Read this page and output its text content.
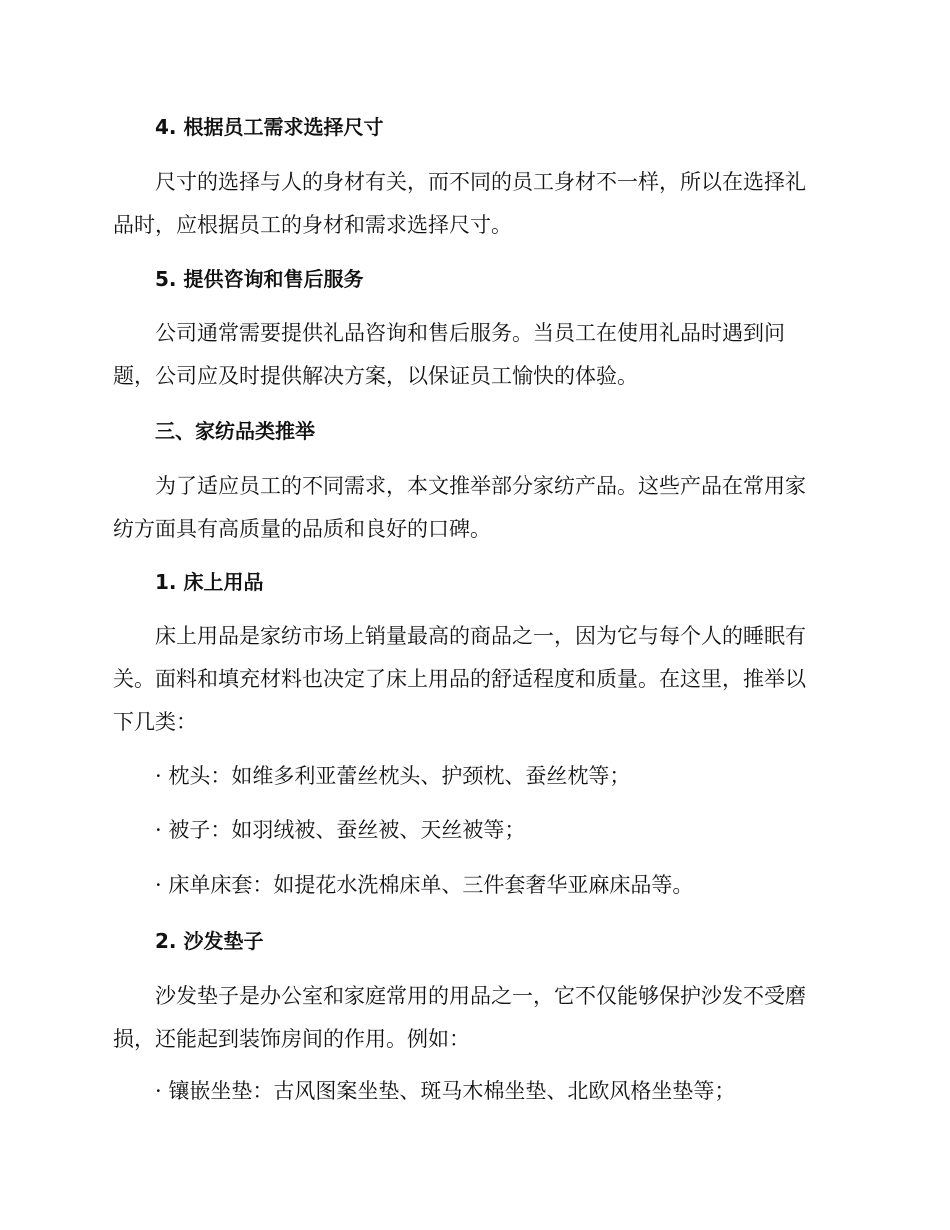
4. 根据员工需求选择尺寸
尺寸的选择与人的身材有关，而不同的员工身材不一样，所以在选择礼
品时，应根据员工的身材和需求选择尺寸。
5. 提供咨询和售后服务
公司通常需要提供礼品咨询和售后服务。当员工在使用礼品时遇到问
题，公司应及时提供解决方案，以保证员工愉快的体验。
三、家纺品类推举
为了适应员工的不同需求，本文推举部分家纺产品。这些产品在常用家
纺方面具有高质量的品质和良好的口碑。
1. 床上用品
床上用品是家纺市场上销量最高的商品之一，因为它与每个人的睡眠有
关。面料和填充材料也决定了床上用品的舒适程度和质量。在这里，推举以
下几类：
· 枕头：如维多利亚蕾丝枕头、护颈枕、蚕丝枕等；
· 被子：如羽绒被、蚕丝被、天丝被等；
· 床单床套：如提花水洗棉床单、三件套奢华亚麻床品等。
2. 沙发垫子
沙发垫子是办公室和家庭常用的用品之一，它不仅能够保护沙发不受磨
损，还能起到装饰房间的作用。例如：
· 镶嵌坐垫：古风图案坐垫、斑马木棉坐垫、北欧风格坐垫等；
